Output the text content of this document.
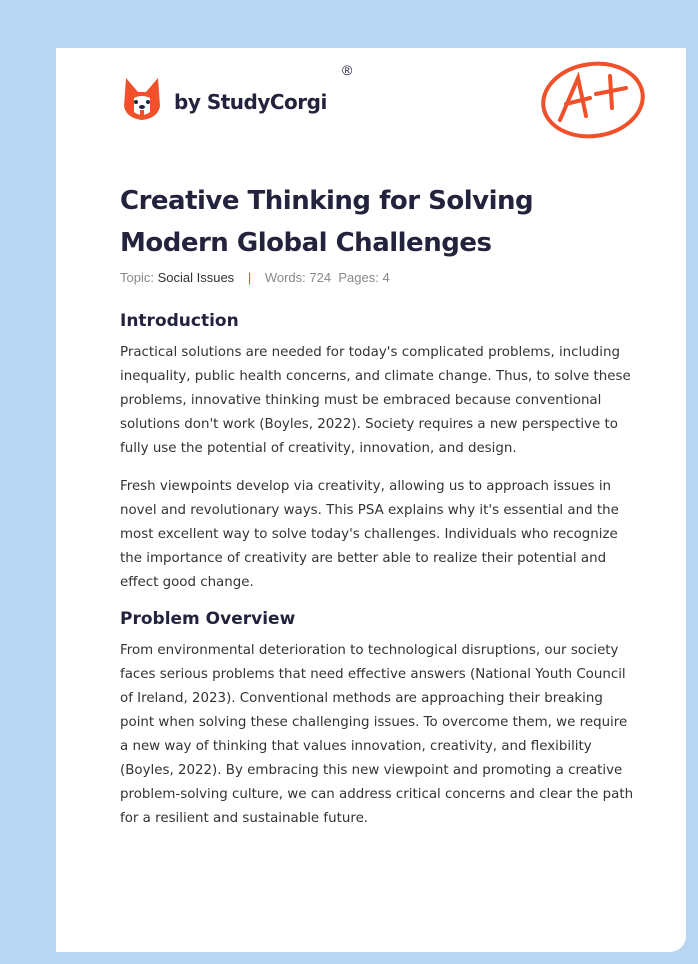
by StudyCorgi
®
Creative Thinking for Solving Modern Global Challenges
Topic: Social Issues | Words: 724 Pages: 4
Introduction

Practical solutions are needed for today's complicated problems, including inequality, public health concerns, and climate change. Thus, to solve these problems, innovative thinking must be embraced because conventional solutions don't work (Boyles, 2022). Society requires a new perspective to fully use the potential of creativity, innovation, and design.

Fresh viewpoints develop via creativity, allowing us to approach issues in novel and revolutionary ways. This PSA explains why it's essential and the most excellent way to solve today's challenges. Individuals who recognize the importance of creativity are better able to realize their potential and effect good change.

Problem Overview

From environmental deterioration to technological disruptions, our society faces serious problems that need effective answers (National Youth Council of Ireland, 2023). Conventional methods are approaching their breaking point when solving these challenging issues. To overcome them, we require a new way of thinking that values innovation, creativity, and flexibility (Boyles, 2022). By embracing this new viewpoint and promoting a creative problem-solving culture, we can address critical concerns and clear the path for a resilient and sustainable future.
